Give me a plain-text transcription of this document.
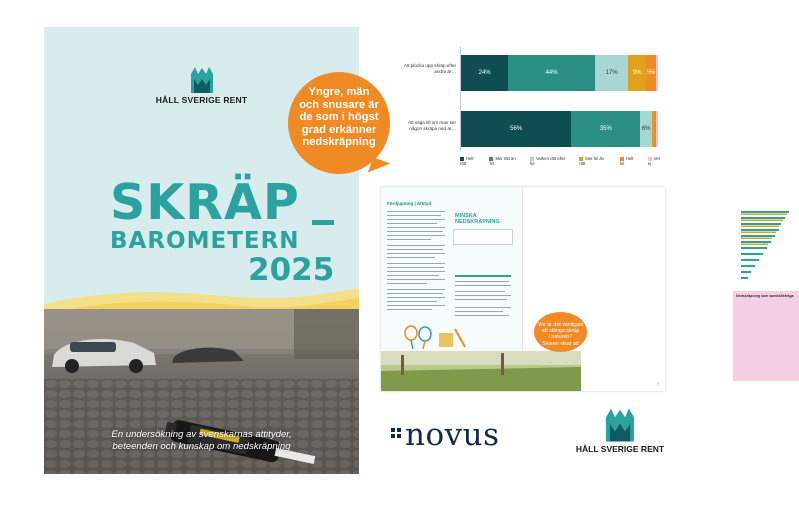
HÅLL SVERIGE RENT
SKRÄP
BAROMETERN
2025
En undersökning av svenskarnas attityder,
beteenden och kunskap om nedskräpning
Yngre, män
och snusare är
de som i högst
grad erkänner
nedskräpning
Att plocka upp skräp efter andra är…
Att säga till om man ser någon skräpa ned är…
24%	44%	17%	9% 5%
56%	35%	6%
Helt rätt
Mer rätt än fel
Varken rätt eller fel
Mer fel än rätt
Helt fel
Vet ej
Fördjupning | Attityd
MINSKA NEDSKRÄPNING
Nedskräpning som samhällsfråga
9
Var är det vanligast
att slänga skräp
i naturen?
Svaren visar att
novus	HÅLL SVERIGE RENT
